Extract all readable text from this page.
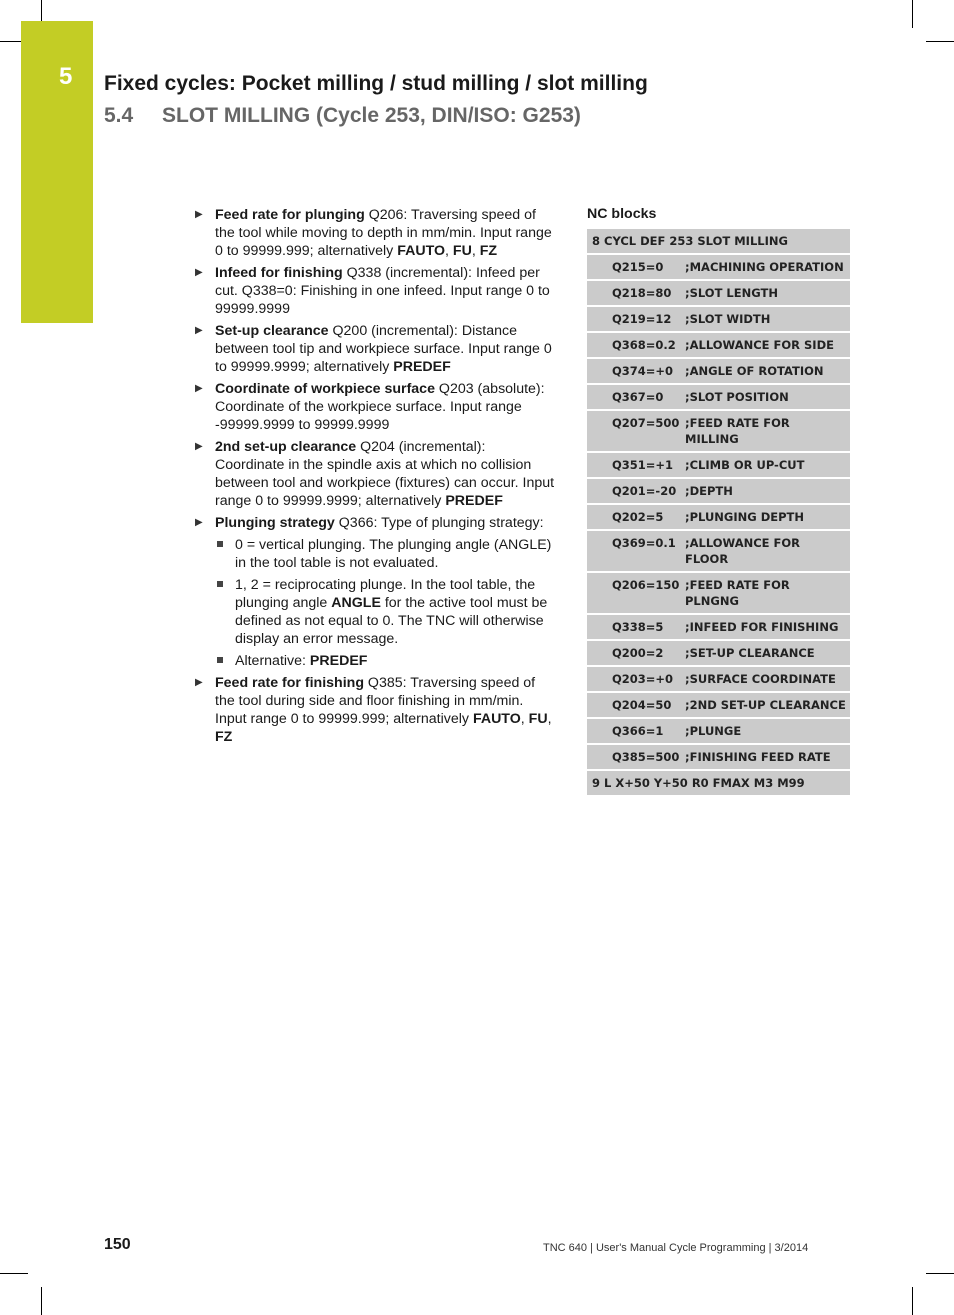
5 Fixed cycles: Pocket milling / stud milling / slot milling
5.4 SLOT MILLING (Cycle 253, DIN/ISO: G253)
▶ Feed rate for plunging Q206: Traversing speed of the tool while moving to depth in mm/min. Input range 0 to 99999.999; alternatively FAUTO, FU, FZ
▶ Infeed for finishing Q338 (incremental): Infeed per cut. Q338=0: Finishing in one infeed. Input range 0 to 99999.9999
▶ Set-up clearance Q200 (incremental): Distance between tool tip and workpiece surface. Input range 0 to 99999.9999; alternatively PREDEF
▶ Coordinate of workpiece surface Q203 (absolute): Coordinate of the workpiece surface. Input range -99999.9999 to 99999.9999
▶ 2nd set-up clearance Q204 (incremental): Coordinate in the spindle axis at which no collision between tool and workpiece (fixtures) can occur. Input range 0 to 99999.9999; alternatively PREDEF
▶ Plunging strategy Q366: Type of plunging strategy:
0 = vertical plunging. The plunging angle (ANGLE) in the tool table is not evaluated.
1, 2 = reciprocating plunge. In the tool table, the plunging angle ANGLE for the active tool must be defined as not equal to 0. The TNC will otherwise display an error message.
Alternative: PREDEF
▶ Feed rate for finishing Q385: Traversing speed of the tool during side and floor finishing in mm/min. Input range 0 to 99999.999; alternatively FAUTO, FU, FZ
NC blocks
8 CYCL DEF 253 SLOT MILLING
Q215=0	;MACHINING OPERATION
Q218=80	;SLOT LENGTH
Q219=12	;SLOT WIDTH
Q368=0.2 ;ALLOWANCE FOR SIDE
Q374=+0	;ANGLE OF ROTATION
Q367=0	;SLOT POSITION
Q207=500 ;FEED RATE FOR MILLING
Q351=+1	;CLIMB OR UP-CUT
Q201=-20 ;DEPTH
Q202=5	;PLUNGING DEPTH
Q369=0.1 ;ALLOWANCE FOR FLOOR
Q206=150 ;FEED RATE FOR PLNGNG
Q338=5	;INFEED FOR FINISHING
Q200=2	;SET-UP CLEARANCE
Q203=+0	;SURFACE COORDINATE
Q204=50	;2ND SET-UP CLEARANCE
Q366=1	;PLUNGE
Q385=500 ;FINISHING FEED RATE
9 L X+50 Y+50 R0 FMAX M3 M99
150	TNC 640 | User's Manual Cycle Programming | 3/2014
